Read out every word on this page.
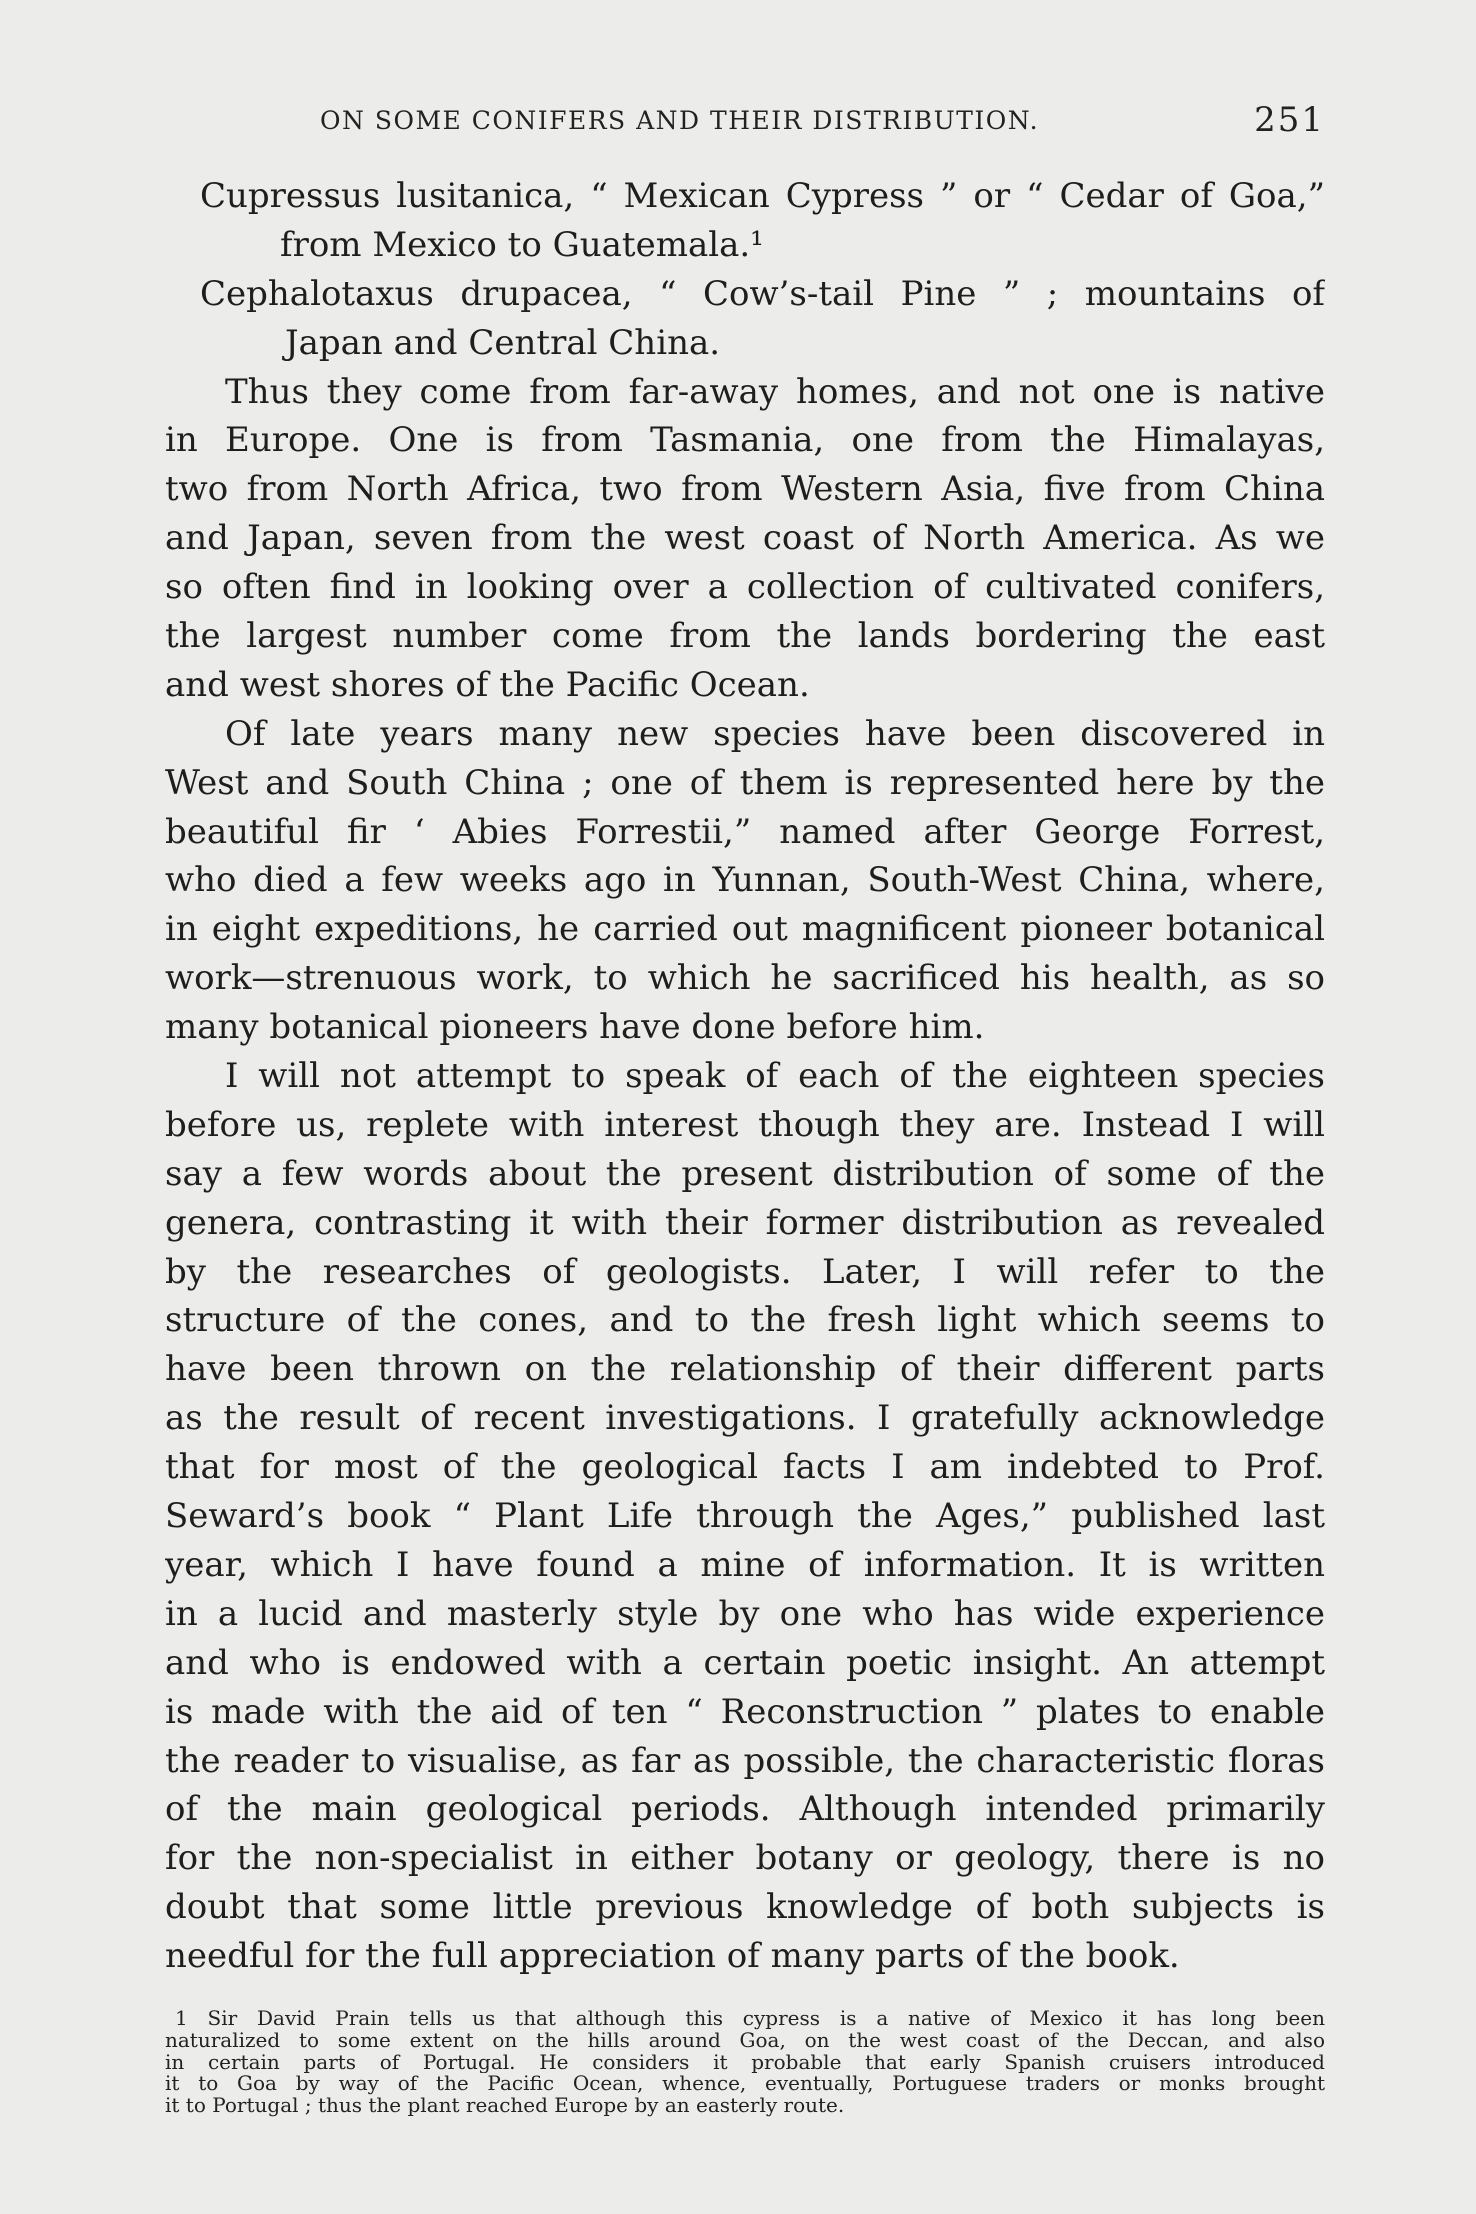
ON SOME CONIFERS AND THEIR DISTRIBUTION.	251
Cupressus lusitanica, “ Mexican Cypress ” or “ Cedar of Goa,”
from Mexico to Guatemala.¹
Cephalotaxus drupacea, “ Cow’s-tail Pine ” ; mountains of
Japan and Central China.
Thus they come from far-away homes, and not one is native
in Europe. One is from Tasmania, one from the Himalayas,
two from North Africa, two from Western Asia, five from China
and Japan, seven from the west coast of North America. As we
so often find in looking over a collection of cultivated conifers,
the largest number come from the lands bordering the east
and west shores of the Pacific Ocean.
Of late years many new species have been discovered in
West and South China ; one of them is represented here by the
beautiful fir ‘ Abies Forrestii,” named after George Forrest,
who died a few weeks ago in Yunnan, South-West China, where,
in eight expeditions, he carried out magnificent pioneer botanical
work—strenuous work, to which he sacrificed his health, as so
many botanical pioneers have done before him.
I will not attempt to speak of each of the eighteen species
before us, replete with interest though they are. Instead I will
say a few words about the present distribution of some of the
genera, contrasting it with their former distribution as revealed
by the researches of geologists. Later, I will refer to the
structure of the cones, and to the fresh light which seems to
have been thrown on the relationship of their different parts
as the result of recent investigations. I gratefully acknowledge
that for most of the geological facts I am indebted to Prof.
Seward’s book “ Plant Life through the Ages,” published last
year, which I have found a mine of information. It is written
in a lucid and masterly style by one who has wide experience
and who is endowed with a certain poetic insight. An attempt
is made with the aid of ten “ Reconstruction ” plates to enable
the reader to visualise, as far as possible, the characteristic floras
of the main geological periods. Although intended primarily
for the non-specialist in either botany or geology, there is no
doubt that some little previous knowledge of both subjects is
needful for the full appreciation of many parts of the book.
1 Sir David Prain tells us that although this cypress is a native of Mexico it has long been
naturalized to some extent on the hills around Goa, on the west coast of the Deccan, and also
in certain parts of Portugal. He considers it probable that early Spanish cruisers introduced
it to Goa by way of the Pacific Ocean, whence, eventually, Portuguese traders or monks brought
it to Portugal ; thus the plant reached Europe by an easterly route.
